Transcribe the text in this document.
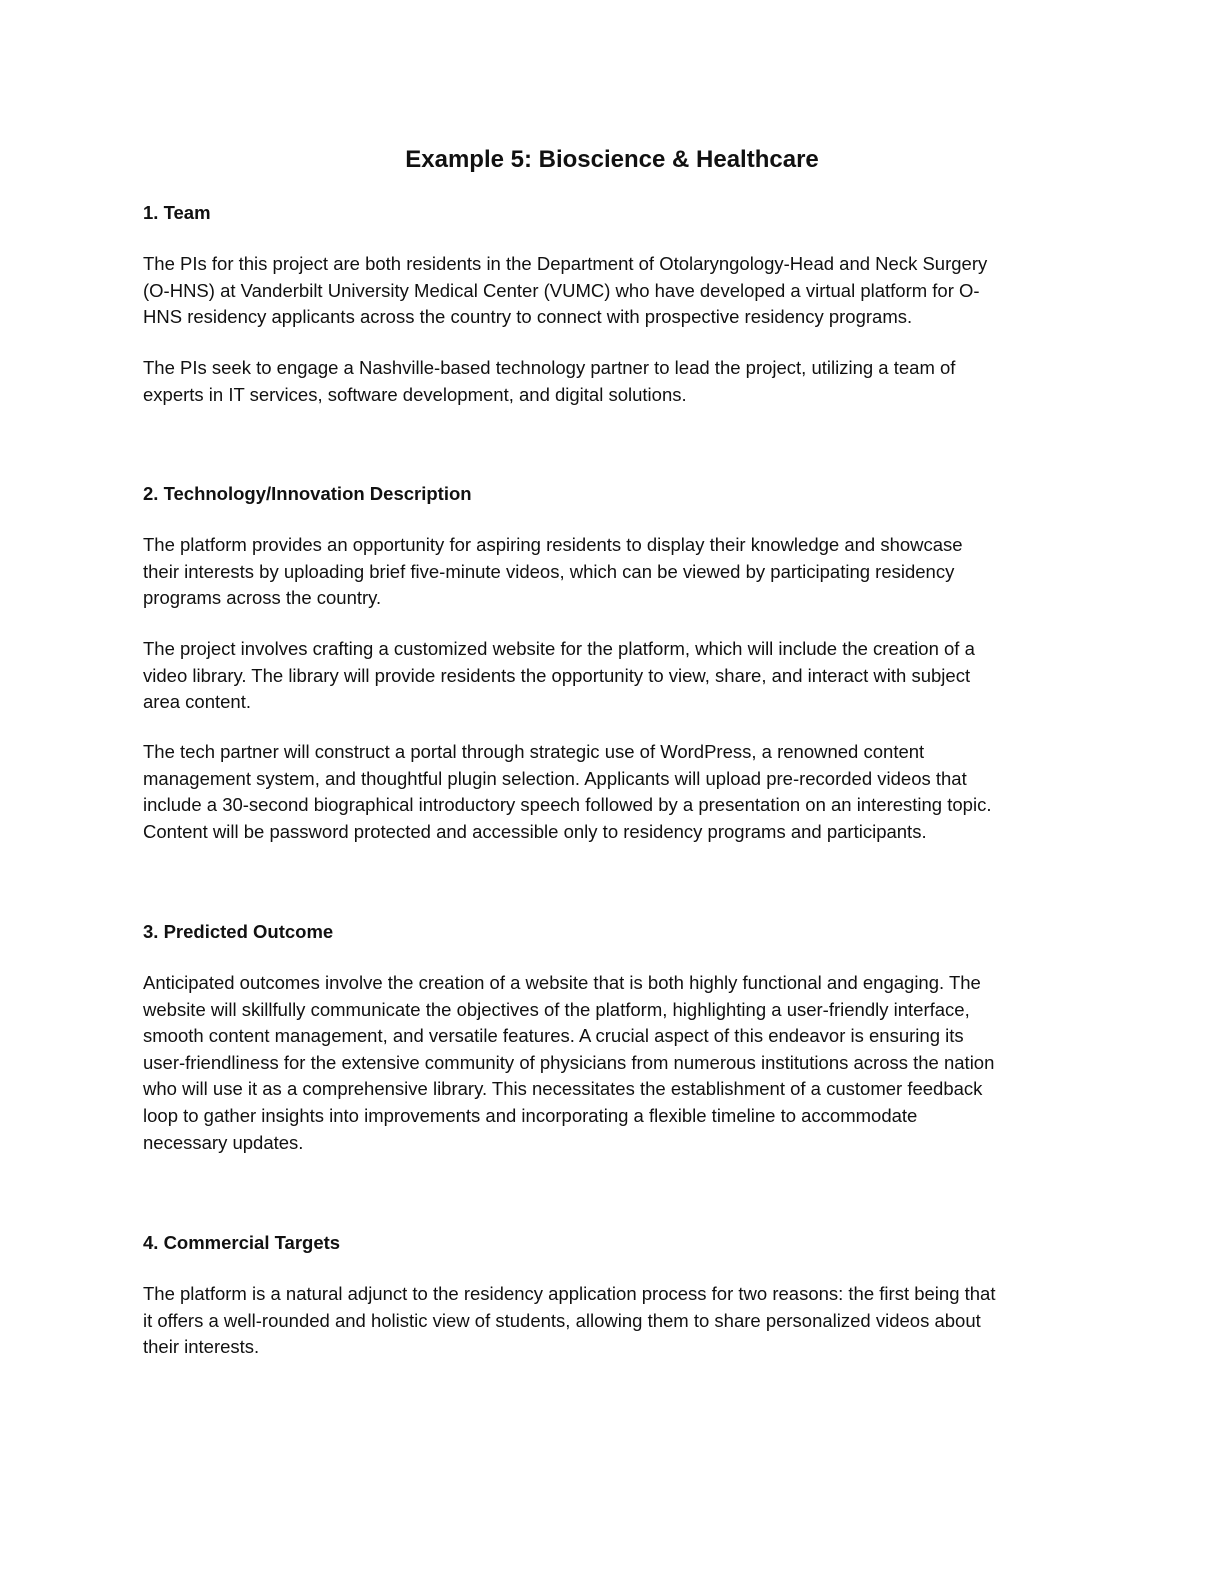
Example 5: Bioscience & Healthcare
1. Team

The PIs for this project are both residents in the Department of Otolaryngology-Head and Neck Surgery
(O-HNS) at Vanderbilt University Medical Center (VUMC) who have developed a virtual platform for O-
HNS residency applicants across the country to connect with prospective residency programs.

The PIs seek to engage a Nashville-based technology partner to lead the project, utilizing a team of
experts in IT services, software development, and digital solutions.

2. Technology/Innovation Description

The platform provides an opportunity for aspiring residents to display their knowledge and showcase
their interests by uploading brief five-minute videos, which can be viewed by participating residency
programs across the country.

The project involves crafting a customized website for the platform, which will include the creation of a
video library. The library will provide residents the opportunity to view, share, and interact with subject
area content.

The tech partner will construct a portal through strategic use of WordPress, a renowned content
management system, and thoughtful plugin selection. Applicants will upload pre-recorded videos that
include a 30-second biographical introductory speech followed by a presentation on an interesting topic.
Content will be password protected and accessible only to residency programs and participants.

3. Predicted Outcome

Anticipated outcomes involve the creation of a website that is both highly functional and engaging. The
website will skillfully communicate the objectives of the platform, highlighting a user-friendly interface,
smooth content management, and versatile features. A crucial aspect of this endeavor is ensuring its
user-friendliness for the extensive community of physicians from numerous institutions across the nation
who will use it as a comprehensive library. This necessitates the establishment of a customer feedback
loop to gather insights into improvements and incorporating a flexible timeline to accommodate
necessary updates.

4. Commercial Targets

The platform is a natural adjunct to the residency application process for two reasons: the first being that
it offers a well-rounded and holistic view of students, allowing them to share personalized videos about
their interests.
